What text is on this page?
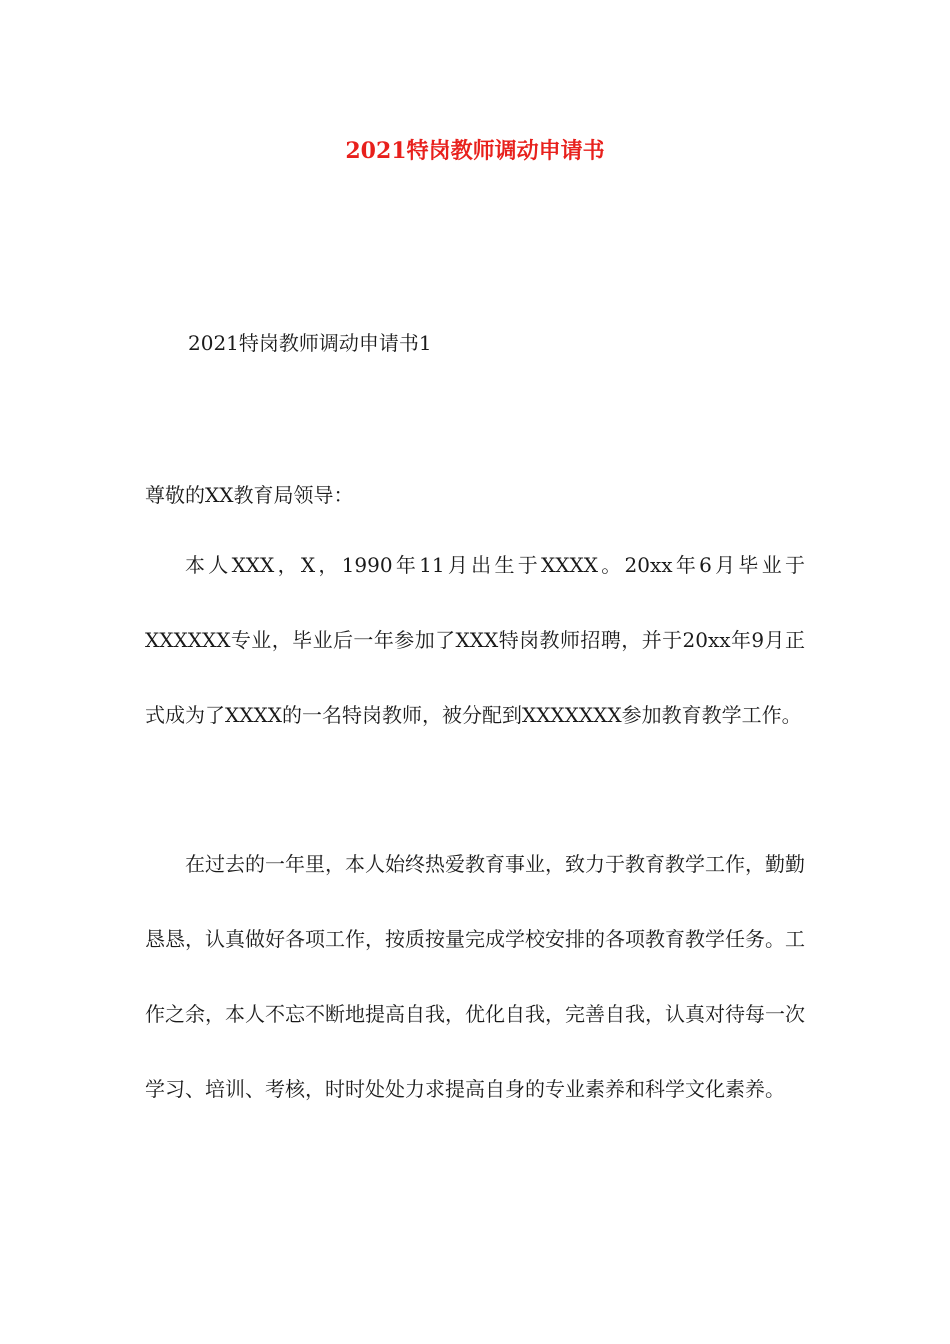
2021特岗教师调动申请书
2021特岗教师调动申请书1
尊敬的XX教育局领导：

本人XXX，X，1990年11月出生于XXXX。20xx年6月毕业于XXXXXX专业，毕业后一年参加了XXX特岗教师招聘，并于20xx年9月正式成为了XXXX的一名特岗教师，被分配到XXXXXXX参加教育教学工作。

在过去的一年里，本人始终热爱教育事业，致力于教育教学工作，勤勤恳恳，认真做好各项工作，按质按量完成学校安排的各项教育教学任务。工作之余，本人不忘不断地提高自我，优化自我，完善自我，认真对待每一次学习、培训、考核，时时处处力求提高自身的专业素养和科学文化素养。
